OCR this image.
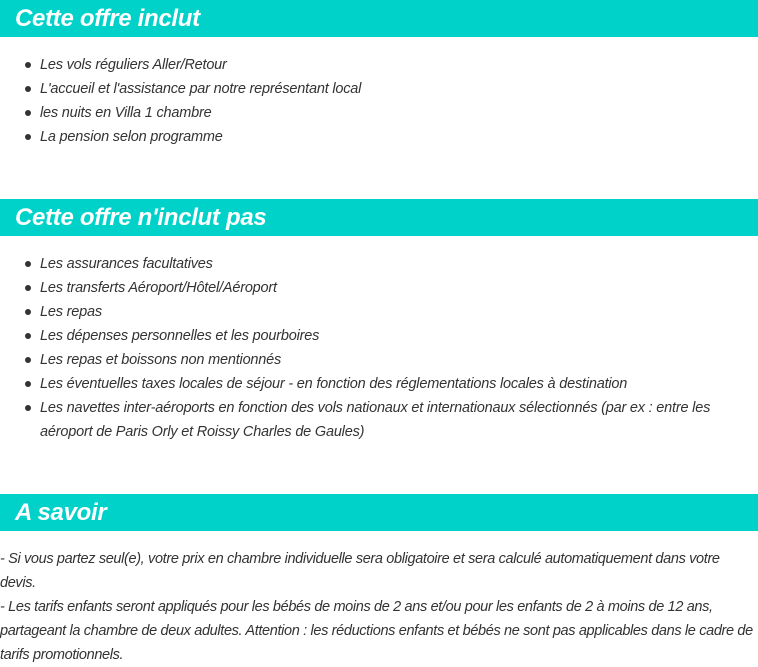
Cette offre inclut
Les vols réguliers Aller/Retour
L'accueil et l'assistance par notre représentant local
les nuits en Villa 1 chambre
La pension selon programme
Cette offre n'inclut pas
Les assurances facultatives
Les transferts Aéroport/Hôtel/Aéroport
Les repas
Les dépenses personnelles et les pourboires
Les repas et boissons non mentionnés
Les éventuelles taxes locales de séjour - en fonction des réglementations locales à destination
Les navettes inter-aéroports en fonction des vols nationaux et internationaux sélectionnés (par ex : entre les aéroport de Paris Orly et Roissy Charles de Gaules)
A savoir

- Si vous partez seul(e), votre prix en chambre individuelle sera obligatoire et sera calculé automatiquement dans votre devis.

- Les tarifs enfants seront appliqués pour les bébés de moins de 2 ans et/ou pour les enfants de 2 à moins de 12 ans, partageant la chambre de deux adultes. Attention : les réductions enfants et bébés ne sont pas applicables dans le cadre de tarifs promotionnels.
